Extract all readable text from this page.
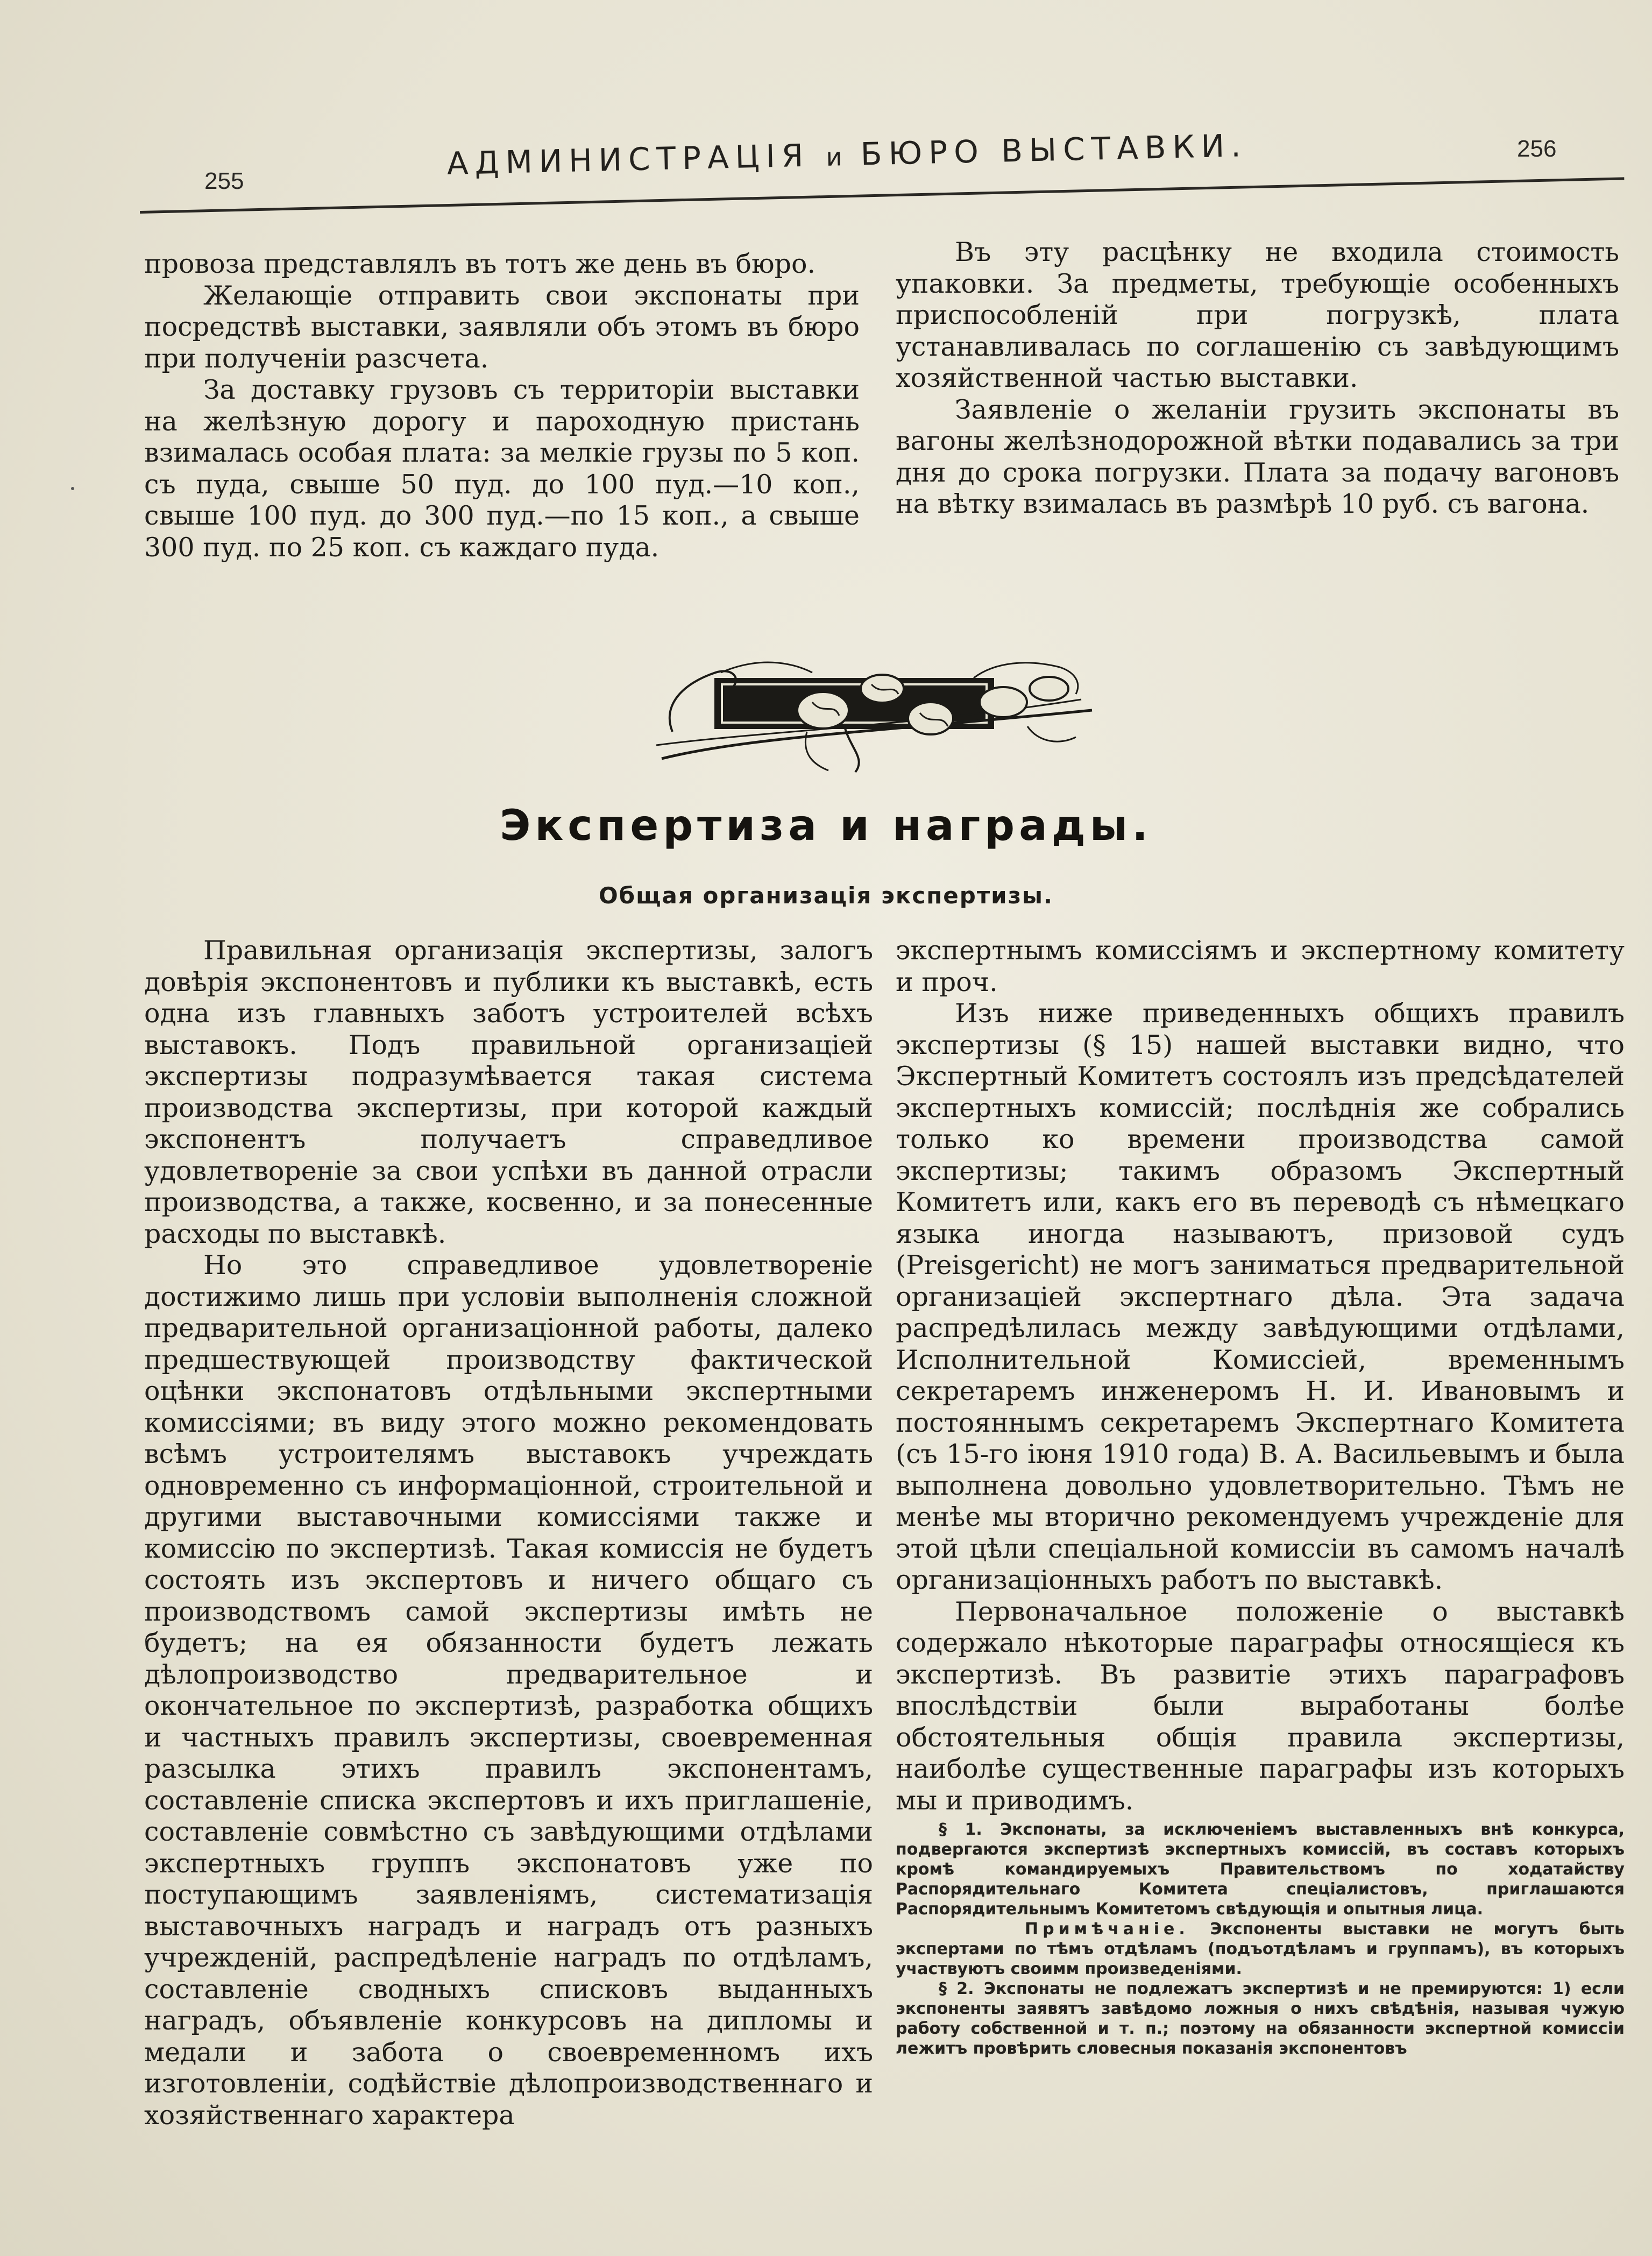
255	АДМИНИСТРАЦІЯ и БЮРО ВЫСТАВКИ.	256

провоза представлялъ въ тотъ же день въ бюро.

Желающіе отправить свои экспонаты при посредствѣ выставки, заявляли объ этомъ въ бюро при полученіи разсчета.

За доставку грузовъ съ территоріи выставки на желѣзную дорогу и пароходную пристань взималась особая плата: за мелкіе грузы по 5 коп. съ пуда, свыше 50 пуд. до 100 пуд.—10 коп., свыше 100 пуд. до 300 пуд.—по 15 коп., а свыше 300 пуд. по 25 коп. съ каждаго пуда.

Въ эту расцѣнку не входила стоимость упаковки. За предметы, требующіе особенныхъ приспособленій при погрузкѣ, плата устанавливалась по соглашенію съ завѣдующимъ хозяйственной частью выставки.

Заявленіе о желаніи грузить экспонаты въ вагоны желѣзнодорожной вѣтки подавались за три дня до срока погрузки. Плата за подачу вагоновъ на вѣтку взималась въ размѣрѣ 10 руб. съ вагона.

Экспертиза и награды.
Общая организація экспертизы.

Правильная организація экспертизы, залогъ довѣрія экспонентовъ и публики къ выставкѣ, есть одна изъ главныхъ заботъ устроителей всѣхъ выставокъ. Подъ правильной организаціей экспертизы подразумѣвается такая система производства экспертизы, при которой каждый экспонентъ получаетъ справедливое удовлетвореніе за свои успѣхи въ данной отрасли производства, а также, косвенно, и за понесенные расходы по выставкѣ.

Но это справедливое удовлетвореніе достижимо лишь при условіи выполненія сложной предварительной организаціонной работы, далеко предшествующей производству фактической оцѣнки экспонатовъ отдѣльными экспертными комиссіями; въ виду этого можно рекомендовать всѣмъ устроителямъ выставокъ учреждать одновременно съ информаціонной, строительной и другими выставочными комиссіями также и комиссію по экспертизѣ. Такая комиссія не будетъ состоять изъ экспертовъ и ничего общаго съ производствомъ самой экспертизы имѣть не будетъ; на ея обязанности будетъ лежать дѣлопроизводство предварительное и окончательное по экспертизѣ, разработка общихъ и частныхъ правилъ экспертизы, своевременная разсылка этихъ правилъ экспонентамъ, составленіе списка экспертовъ и ихъ приглашеніе, составленіе совмѣстно съ завѣдующими отдѣлами экспертныхъ группъ экспонатовъ уже по поступающимъ заявленіямъ, систематизація выставочныхъ наградъ и наградъ отъ разныхъ учрежденій, распредѣленіе наградъ по отдѣламъ, составленіе сводныхъ списковъ выданныхъ наградъ, объявленіе конкурсовъ на дипломы и медали и забота о своевременномъ ихъ изготовленіи, содѣйствіе дѣлопроизводственнаго и хозяйственнаго характера

экспертнымъ комиссіямъ и экспертному комитету и проч.

Изъ ниже приведенныхъ общихъ правилъ экспертизы (§ 15) нашей выставки видно, что Экспертный Комитетъ состоялъ изъ предсѣдателей экспертныхъ комиссій; послѣднія же собрались только ко времени производства самой экспертизы; такимъ образомъ Экспертный Комитетъ или, какъ его въ переводѣ съ нѣмецкаго языка иногда называютъ, призовой судъ (Preisgericht) не могъ заниматься предварительной организаціей экспертнаго дѣла. Эта задача распредѣлилась между завѣдующими отдѣлами, Исполнительной Комиссіей, временнымъ секретаремъ инженеромъ Н. И. Ивановымъ и постояннымъ секретаремъ Экспертнаго Комитета (съ 15-го іюня 1910 года) В. А. Васильевымъ и была выполнена довольно удовлетворительно. Тѣмъ не менѣе мы вторично рекомендуемъ учрежденіе для этой цѣли спеціальной комиссіи въ самомъ началѣ организаціонныхъ работъ по выставкѣ.

Первоначальное положеніе о выставкѣ содержало нѣкоторые параграфы относящіеся къ экспертизѣ. Въ развитіе этихъ параграфовъ впослѣдствіи были выработаны болѣе обстоятельныя общія правила экспертизы, наиболѣе существенные параграфы изъ которыхъ мы и приводимъ.

§ 1. Экспонаты, за исключеніемъ выставленныхъ внѣ конкурса, подвергаются экспертизѣ экспертныхъ комиссій, въ составъ которыхъ кромѣ командируемыхъ Правительствомъ по ходатайству Распорядительнаго Комитета спеціалистовъ, приглашаются Распорядительнымъ Комитетомъ свѣдующія и опытныя лица.

Примѣчаніе. Экспоненты выставки не могутъ быть экспертами по тѣмъ отдѣламъ (подъотдѣламъ и группамъ), въ которыхъ участвуютъ своимм произведеніями.

§ 2. Экспонаты не подлежатъ экспертизѣ и не премируются: 1) если экспоненты заявятъ завѣдомо ложныя о нихъ свѣдѣнія, называя чужую работу собственной и т. п.; поэтому на обязанности экспертной комиссіи лежитъ провѣрить словесныя показанія экспонентовъ
